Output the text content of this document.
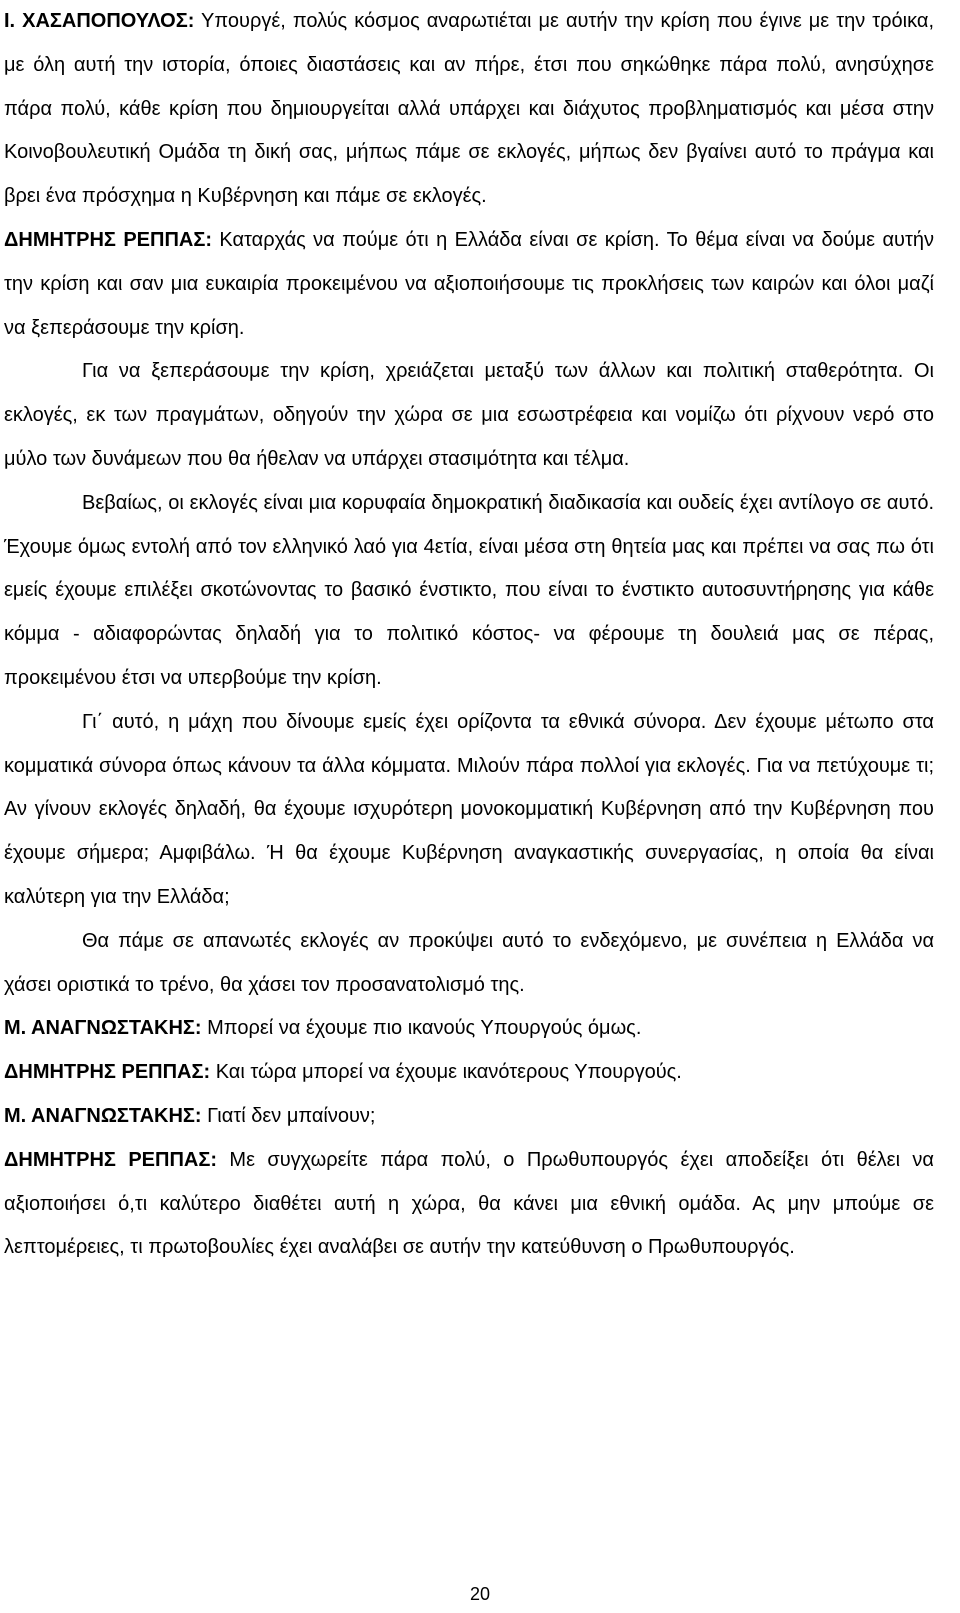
Ι. ΧΑΣΑΠΟΠΟΥΛΟΣ: Υπουργέ, πολύς κόσμος αναρωτιέται με αυτήν την κρίση που έγινε με την τρόικα, με όλη αυτή την ιστορία, όποιες διαστάσεις και αν πήρε, έτσι που σηκώθηκε πάρα πολύ, ανησύχησε πάρα πολύ, κάθε κρίση που δημιουργείται αλλά υπάρχει και διάχυτος προβληματισμός και μέσα στην Κοινοβουλευτική Ομάδα τη δική σας, μήπως πάμε σε εκλογές, μήπως δεν βγαίνει αυτό το πράγμα και βρει ένα πρόσχημα η Κυβέρνηση και πάμε σε εκλογές.

ΔΗΜΗΤΡΗΣ ΡΕΠΠΑΣ: Καταρχάς να πούμε ότι η Ελλάδα είναι σε κρίση. Το θέμα είναι να δούμε αυτήν την κρίση και σαν μια ευκαιρία προκειμένου να αξιοποιήσουμε τις προκλήσεις των καιρών και όλοι μαζί να ξεπεράσουμε την κρίση.

Για να ξεπεράσουμε την κρίση, χρειάζεται μεταξύ των άλλων και πολιτική σταθερότητα. Οι εκλογές, εκ των πραγμάτων, οδηγούν την χώρα σε μια εσωστρέφεια και νομίζω ότι ρίχνουν νερό στο μύλο των δυνάμεων που θα ήθελαν να υπάρχει στασιμότητα και τέλμα.

Βεβαίως, οι εκλογές είναι μια κορυφαία δημοκρατική διαδικασία και ουδείς έχει αντίλογο σε αυτό. Έχουμε όμως εντολή από τον ελληνικό λαό για 4ετία, είναι μέσα στη θητεία μας και πρέπει να σας πω ότι εμείς έχουμε επιλέξει σκοτώνοντας το βασικό ένστικτο, που είναι το ένστικτο αυτοσυντήρησης για κάθε κόμμα - αδιαφορώντας δηλαδή για το πολιτικό κόστος- να φέρουμε τη δουλειά μας σε πέρας, προκειμένου έτσι να υπερβούμε την κρίση.

Γι΄ αυτό, η μάχη που δίνουμε εμείς έχει ορίζοντα τα εθνικά σύνορα. Δεν έχουμε μέτωπο στα κομματικά σύνορα όπως κάνουν τα άλλα κόμματα. Μιλούν πάρα πολλοί για εκλογές. Για να πετύχουμε τι; Αν γίνουν εκλογές δηλαδή, θα έχουμε ισχυρότερη μονοκομματική Κυβέρνηση από την Κυβέρνηση που έχουμε σήμερα; Αμφιβάλω. Ή θα έχουμε Κυβέρνηση αναγκαστικής συνεργασίας, η οποία θα είναι καλύτερη για την Ελλάδα;

Θα πάμε σε απανωτές εκλογές αν προκύψει αυτό το ενδεχόμενο, με συνέπεια η Ελλάδα να χάσει οριστικά το τρένο, θα χάσει τον προσανατολισμό της.

Μ. ΑΝΑΓΝΩΣΤΑΚΗΣ: Μπορεί να έχουμε πιο ικανούς Υπουργούς όμως.

ΔΗΜΗΤΡΗΣ ΡΕΠΠΑΣ: Και τώρα μπορεί να έχουμε ικανότερους Υπουργούς.

Μ. ΑΝΑΓΝΩΣΤΑΚΗΣ: Γιατί δεν μπαίνουν;

ΔΗΜΗΤΡΗΣ ΡΕΠΠΑΣ: Με συγχωρείτε πάρα πολύ, ο Πρωθυπουργός έχει αποδείξει ότι θέλει να αξιοποιήσει ό,τι καλύτερο διαθέτει αυτή η χώρα, θα κάνει μια εθνική ομάδα. Ας μην μπούμε σε λεπτομέρειες, τι πρωτοβουλίες έχει αναλάβει σε αυτήν την κατεύθυνση ο Πρωθυπουργός.

20
